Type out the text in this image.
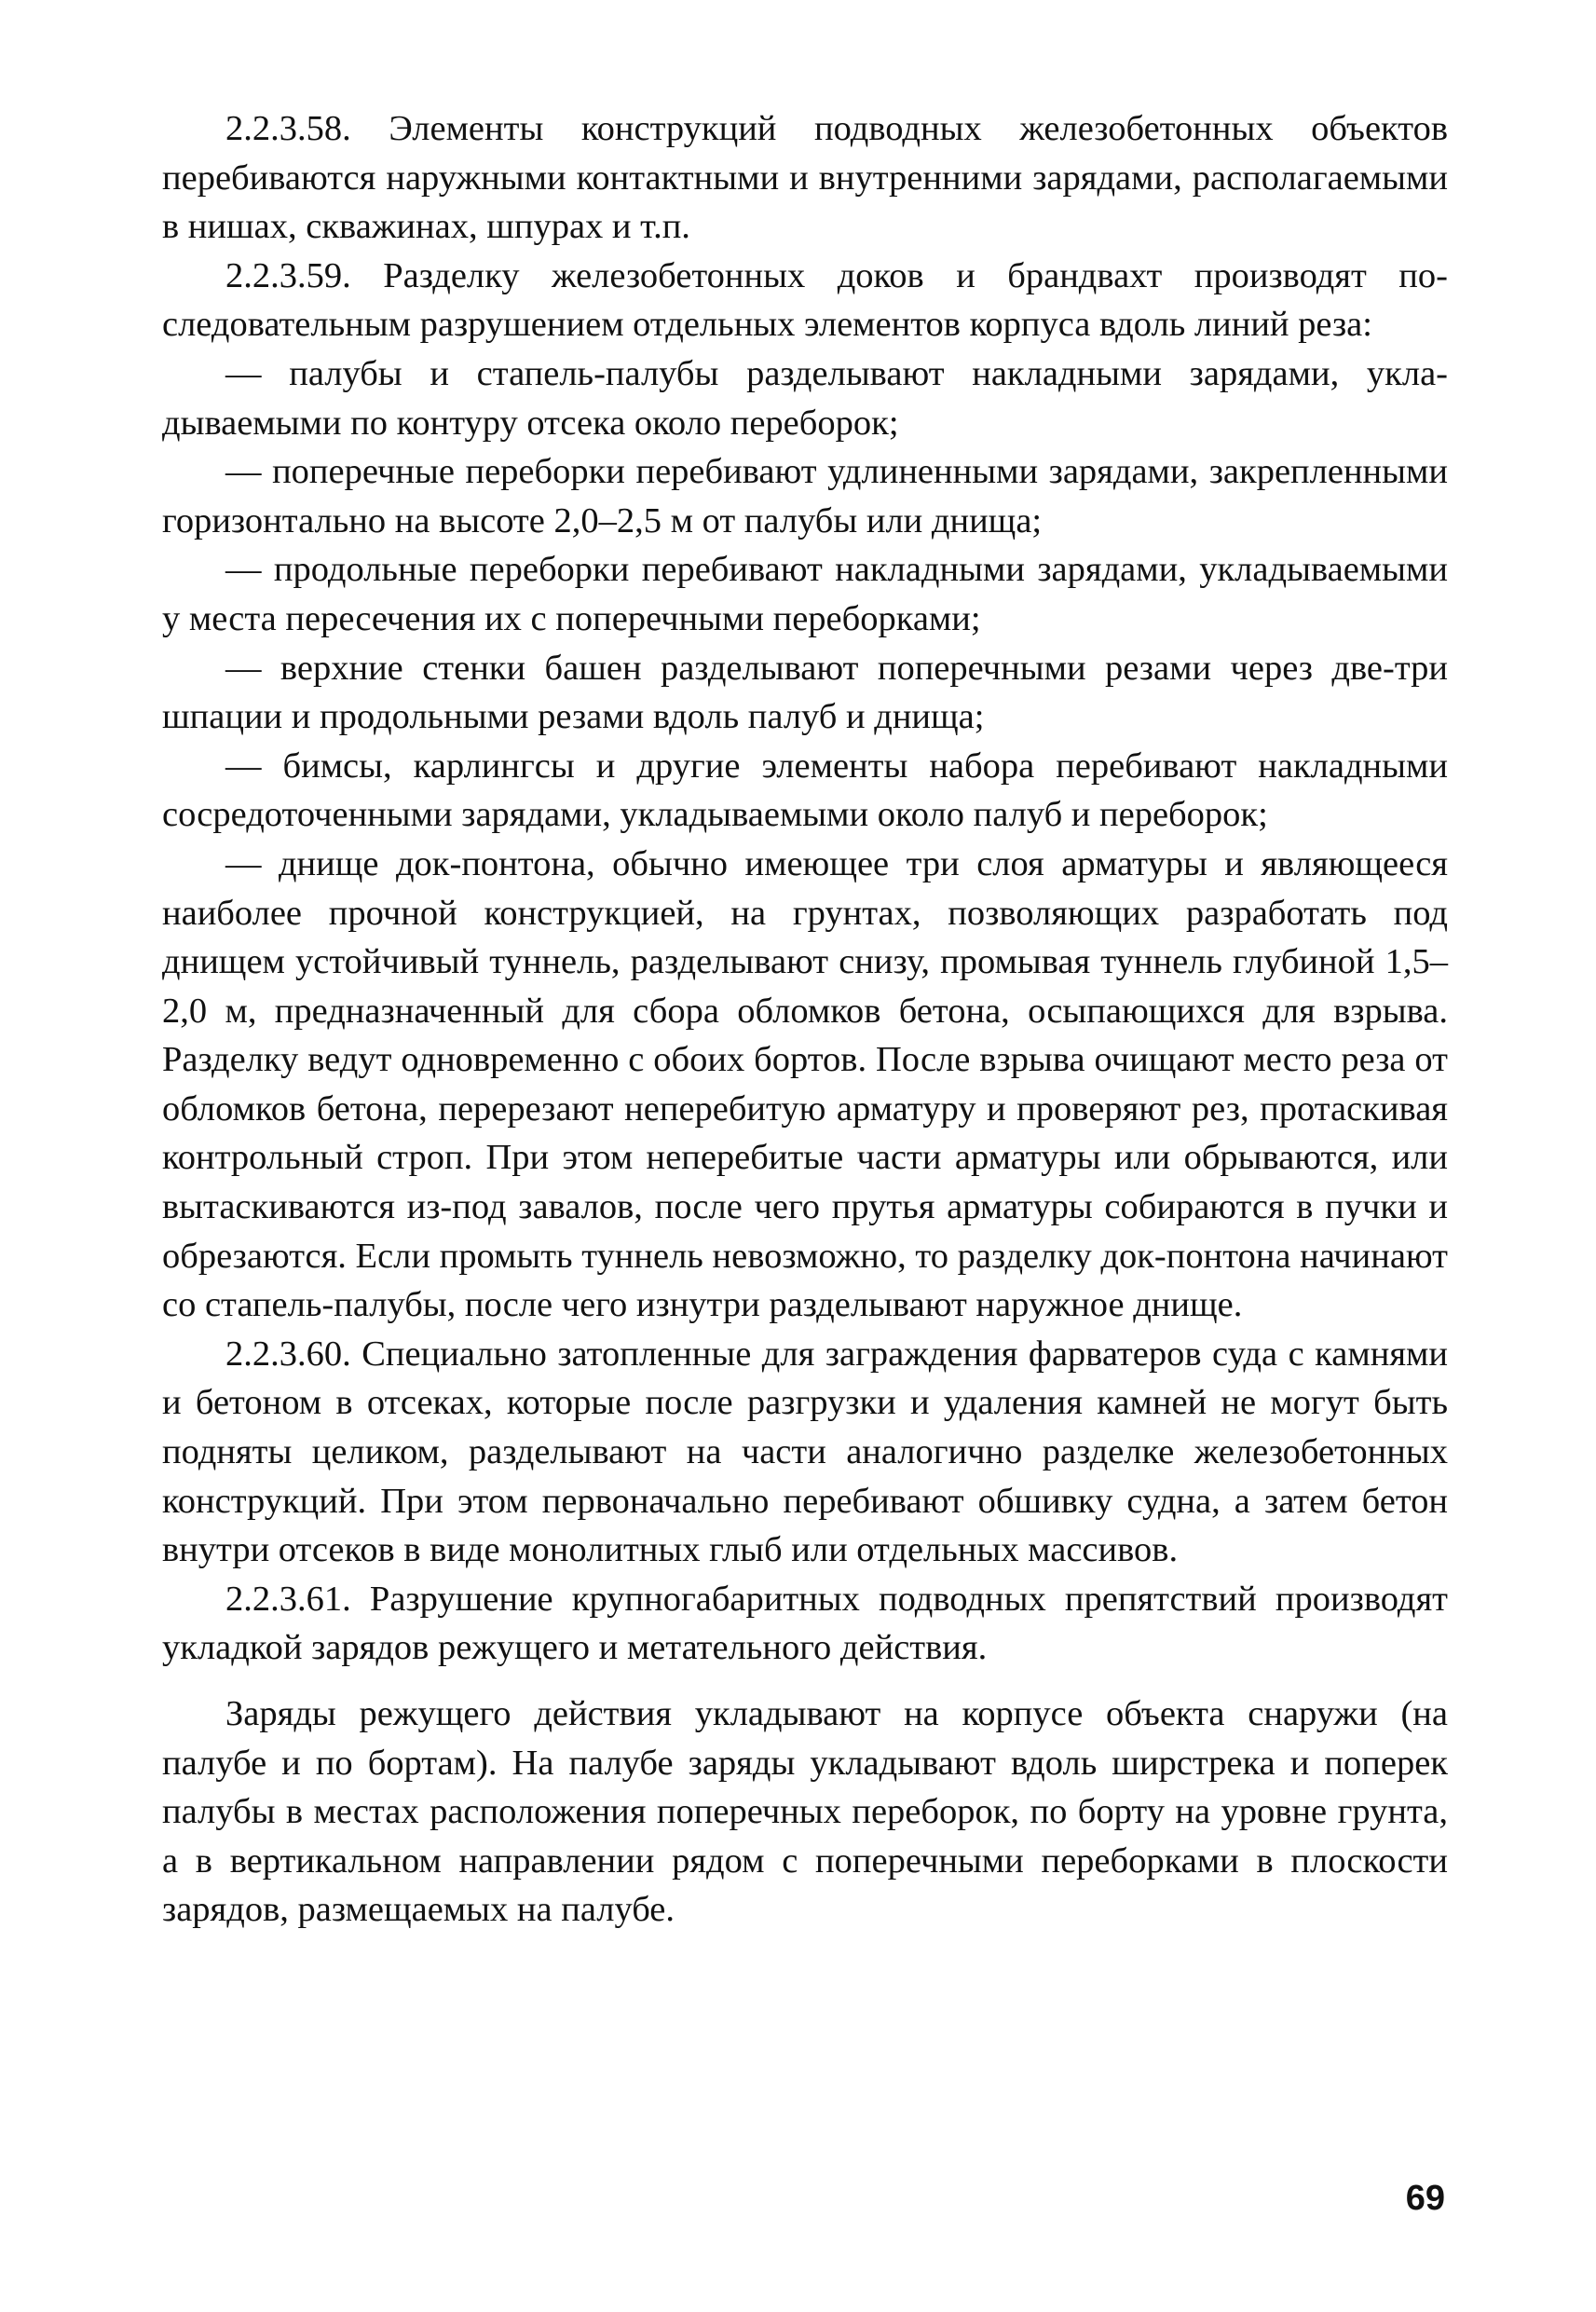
2.2.3.58. Элементы конструкций подводных железобетонных объектов перебиваются наружными контактными и внутренними зарядами, располагаемыми в нишах, скважинах, шпурах и т.п.

2.2.3.59. Разделку железобетонных доков и брандвахт производят последовательным разрушением отдельных элементов корпуса вдоль линий реза:

— палубы и стапель-палубы разделывают накладными зарядами, укладываемыми по контуру отсека около переборок;

— поперечные переборки перебивают удлиненными зарядами, закрепленными горизонтально на высоте 2,0–2,5 м от палубы или днища;

— продольные переборки перебивают накладными зарядами, укладываемыми у места пересечения их с поперечными переборками;

— верхние стенки башен разделывают поперечными резами через две-три шпации и продольными резами вдоль палуб и днища;

— бимсы, карлингсы и другие элементы набора перебивают накладными сосредоточенными зарядами, укладываемыми около палуб и переборок;

— днище док-понтона, обычно имеющее три слоя арматуры и являющееся наиболее прочной конструкцией, на грунтах, позволяющих разработать под днищем устойчивый туннель, разделывают снизу, промывая туннель глубиной 1,5–2,0 м, предназначенный для сбора обломков бетона, осыпающихся для взрыва. Разделку ведут одновременно с обоих бортов. После взрыва очищают место реза от обломков бетона, перерезают неперебитую арматуру и проверяют рез, протаскивая контрольный строп. При этом неперебитые части арматуры или обрываются, или вытаскиваются из-под завалов, после чего прутья арматуры собираются в пучки и обрезаются. Если промыть туннель невозможно, то разделку док-понтона начинают со стапель-палубы, после чего изнутри разделывают наружное днище.

2.2.3.60. Специально затопленные для заграждения фарватеров суда с камнями и бетоном в отсеках, которые после разгрузки и удаления камней не могут быть подняты целиком, разделывают на части аналогично разделке железобетонных конструкций. При этом первоначально перебивают обшивку судна, а затем бетон внутри отсеков в виде монолитных глыб или отдельных массивов.

2.2.3.61. Разрушение крупногабаритных подводных препятствий производят укладкой зарядов режущего и метательного действия.

Заряды режущего действия укладывают на корпусе объекта снаружи (на палубе и по бортам). На палубе заряды укладывают вдоль ширстрека и поперек палубы в местах расположения поперечных переборок, по борту на уровне грунта, а в вертикальном направлении рядом с поперечными переборками в плоскости зарядов, размещаемых на палубе.

69
